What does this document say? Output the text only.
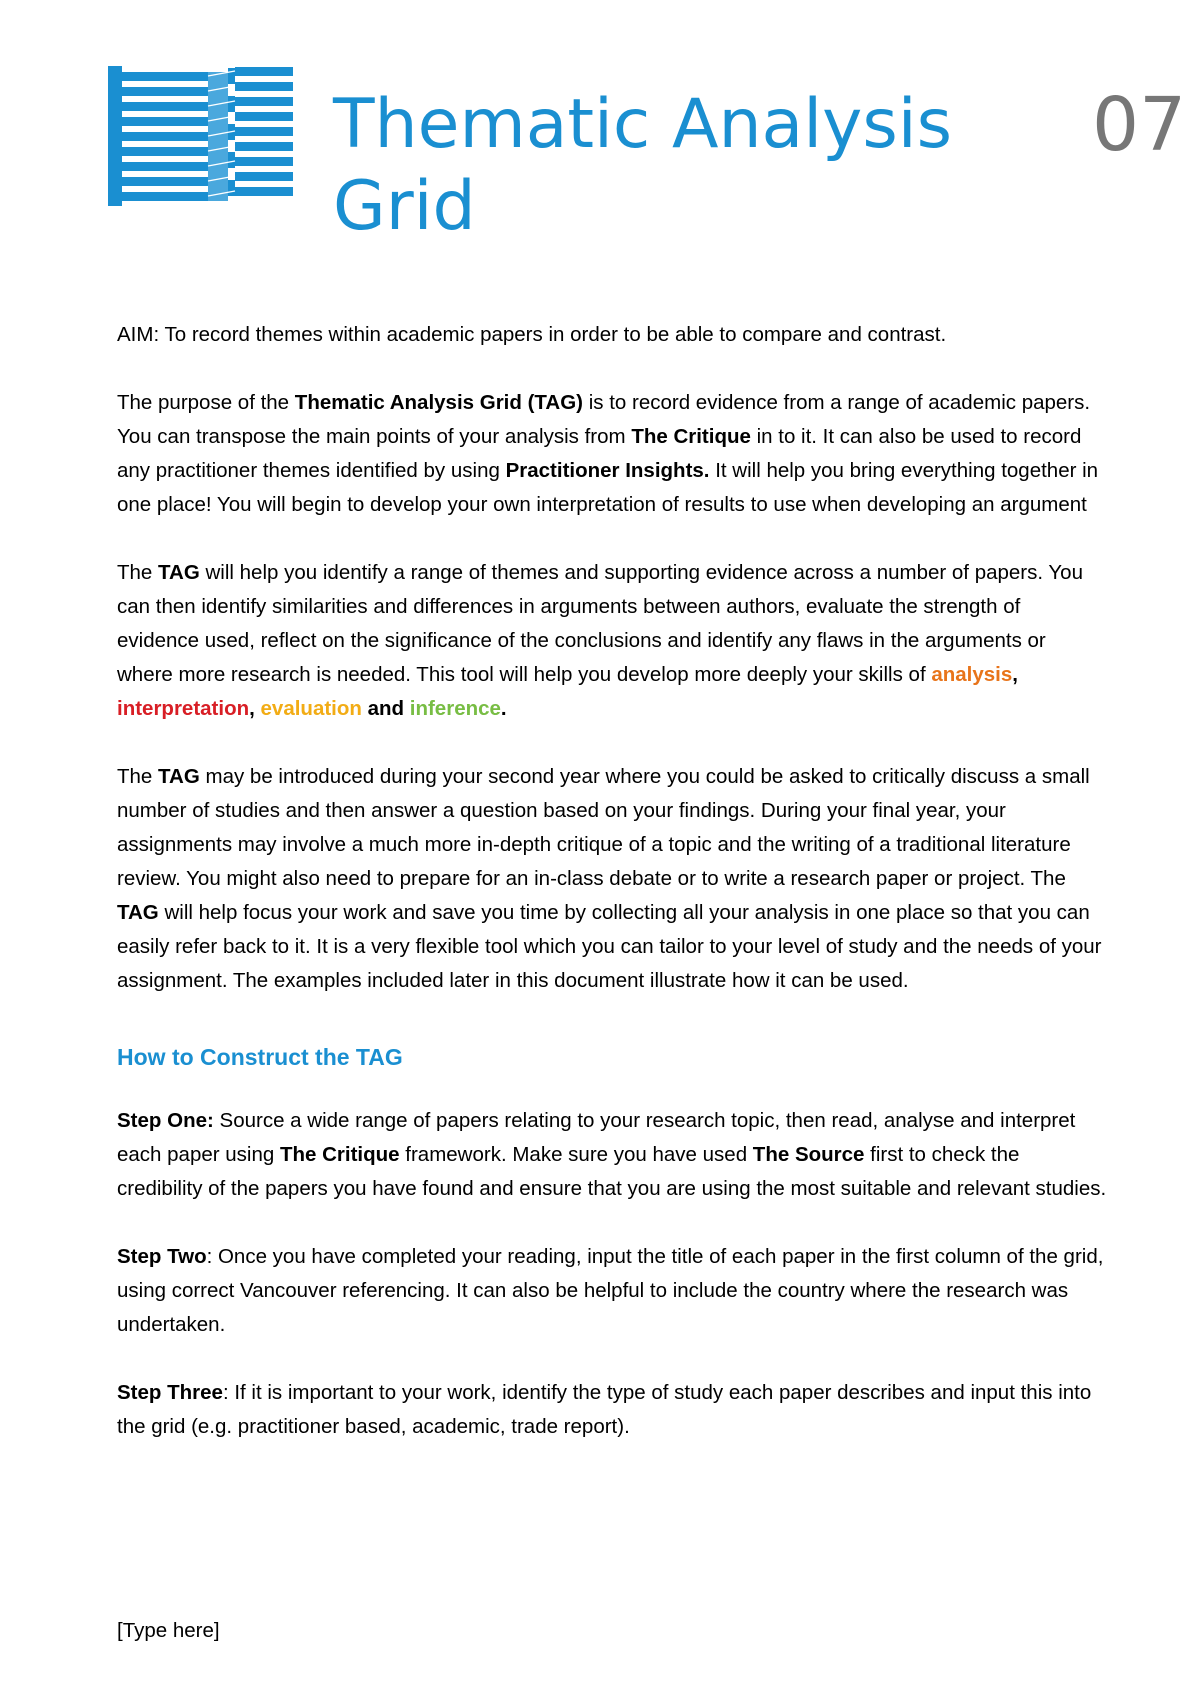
Thematic Analysis
Grid
07

AIM: To record themes within academic papers in order to be able to compare and contrast.

The purpose of the Thematic Analysis Grid (TAG) is to record evidence from a range of academic papers. You can transpose the main points of your analysis from The Critique in to it. It can also be used to record any practitioner themes identified by using Practitioner Insights. It will help you bring everything together in one place! You will begin to develop your own interpretation of results to use when developing an argument

The TAG will help you identify a range of themes and supporting evidence across a number of papers. You can then identify similarities and differences in arguments between authors, evaluate the strength of evidence used, reflect on the significance of the conclusions and identify any flaws in the arguments or where more research is needed. This tool will help you develop more deeply your skills of analysis, interpretation, evaluation and inference.

The TAG may be introduced during your second year where you could be asked to critically discuss a small number of studies and then answer a question based on your findings. During your final year, your assignments may involve a much more in-depth critique of a topic and the writing of a traditional literature review. You might also need to prepare for an in-class debate or to write a research paper or project. The TAG will help focus your work and save you time by collecting all your analysis in one place so that you can easily refer back to it. It is a very flexible tool which you can tailor to your level of study and the needs of your assignment. The examples included later in this document illustrate how it can be used.

How to Construct the TAG

Step One: Source a wide range of papers relating to your research topic, then read, analyse and interpret each paper using The Critique framework. Make sure you have used The Source first to check the credibility of the papers you have found and ensure that you are using the most suitable and relevant studies.

Step Two: Once you have completed your reading, input the title of each paper in the first column of the grid, using correct Vancouver referencing. It can also be helpful to include the country where the research was undertaken.

Step Three: If it is important to your work, identify the type of study each paper describes and input this into the grid (e.g. practitioner based, academic, trade report).

[Type here]
